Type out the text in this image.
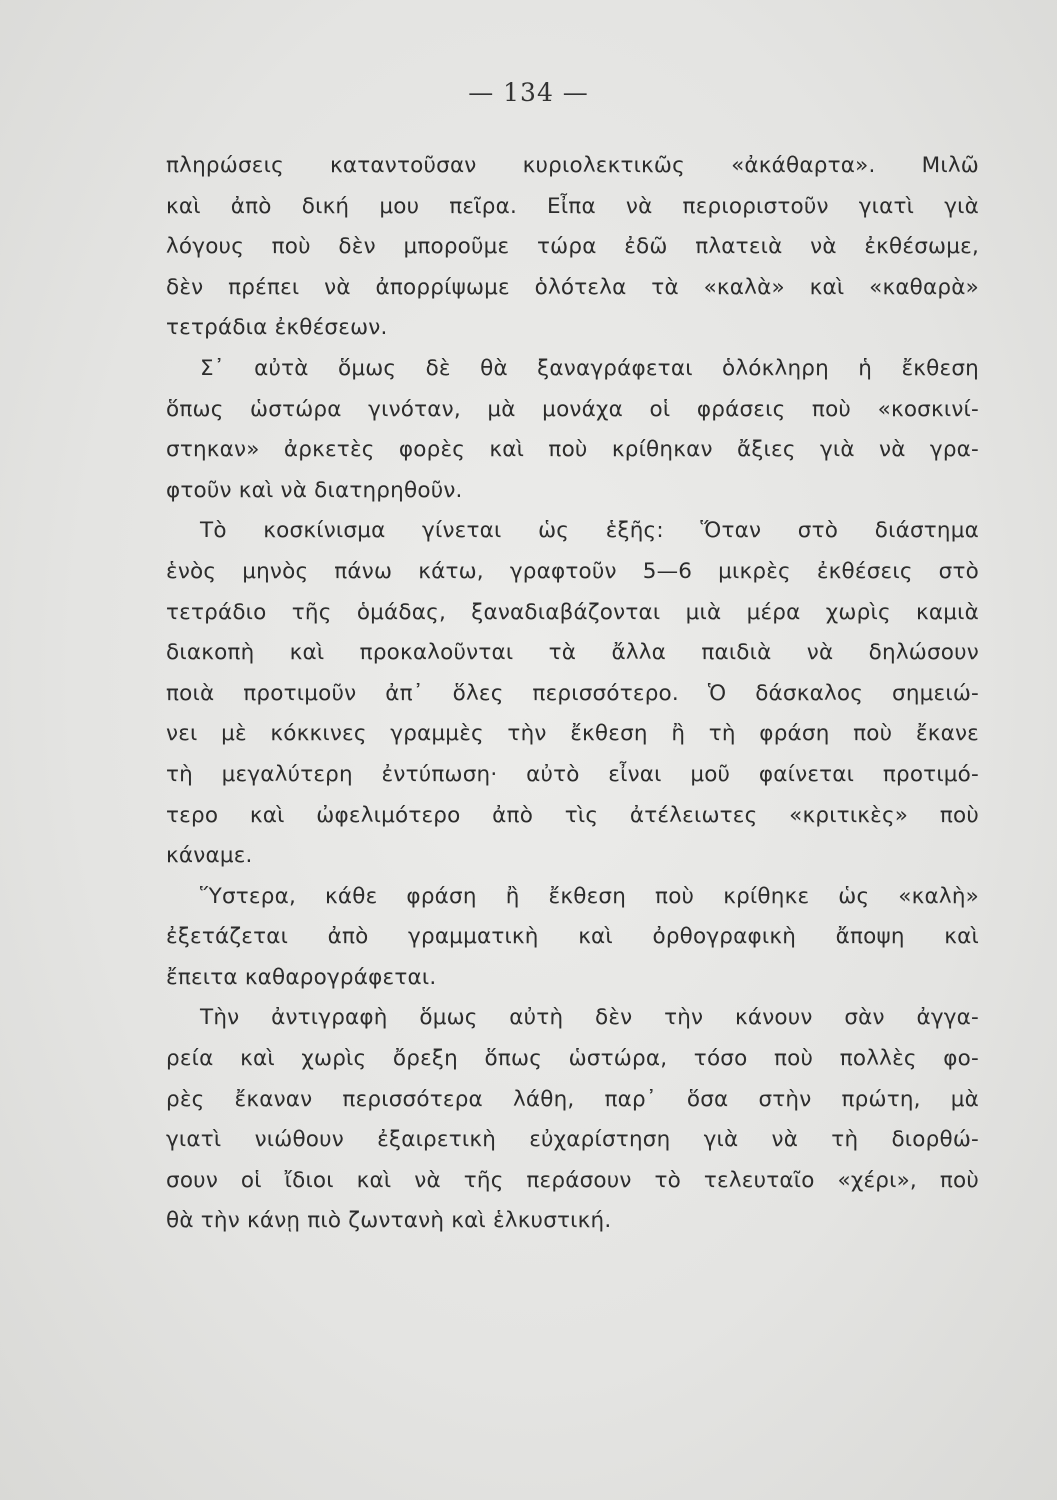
— 134 —
πληρώσεις καταντοῦσαν κυριολεκτικῶς «ἀκάθαρτα». Μιλῶ
καὶ ἀπὸ δική μου πεῖρα. Εἶπα νὰ περιοριστοῦν γιατὶ γιὰ
λόγους ποὺ δὲν μποροῦμε τώρα ἐδῶ πλατειὰ νὰ ἐκθέσωμε,
δὲν πρέπει νὰ ἀπορρίψωμε ὁλότελα τὰ «καλὰ» καὶ «καθαρὰ»
τετράδια ἐκθέσεων.
Σ᾿ αὐτὰ ὅμως δὲ θὰ ξαναγράφεται ὁλόκληρη ἡ ἔκθεση
ὅπως ὡστώρα γινόταν, μὰ μονάχα οἱ φράσεις ποὺ «κοσκινί-
στηκαν» ἀρκετὲς φορὲς καὶ ποὺ κρίθηκαν ἄξιες γιὰ νὰ γρα-
φτοῦν καὶ νὰ διατηρηθοῦν.
Τὸ κοσκίνισμα γίνεται ὡς ἑξῆς: Ὅταν στὸ διάστημα
ἑνὸς μηνὸς πάνω κάτω, γραφτοῦν 5—6 μικρὲς ἐκθέσεις στὸ
τετράδιο τῆς ὁμάδας, ξαναδιαβάζονται μιὰ μέρα χωρὶς καμιὰ
διακοπὴ καὶ προκαλοῦνται τὰ ἄλλα παιδιὰ νὰ δηλώσουν
ποιὰ προτιμοῦν ἀπ᾿ ὅλες περισσότερο. Ὁ δάσκαλος σημειώ-
νει μὲ κόκκινες γραμμὲς τὴν ἔκθεση ἢ τὴ φράση ποὺ ἔκανε
τὴ μεγαλύτερη ἐντύπωση· αὐτὸ εἶναι μοῦ φαίνεται προτιμό-
τερο καὶ ὠφελιμότερο ἀπὸ τὶς ἀτέλειωτες «κριτικὲς» ποὺ
κάναμε.
Ὕστερα, κάθε φράση ἢ ἔκθεση ποὺ κρίθηκε ὡς «καλὴ»
ἐξετάζεται ἀπὸ γραμματικὴ καὶ ὀρθογραφικὴ ἄποψη καὶ
ἔπειτα καθαρογράφεται.
Τὴν ἀντιγραφὴ ὅμως αὐτὴ δὲν τὴν κάνουν σὰν ἀγγα-
ρεία καὶ χωρὶς ὄρεξη ὅπως ὡστώρα, τόσο ποὺ πολλὲς φο-
ρὲς ἔκαναν περισσότερα λάθη, παρ᾿ ὅσα στὴν πρώτη, μὰ
γιατὶ νιώθουν ἐξαιρετικὴ εὐχαρίστηση γιὰ νὰ τὴ διορθώ-
σουν οἱ ἴδιοι καὶ νὰ τῆς περάσουν τὸ τελευταῖο «χέρι», ποὺ
θὰ τὴν κάνῃ πιὸ ζωντανὴ καὶ ἑλκυστική.
